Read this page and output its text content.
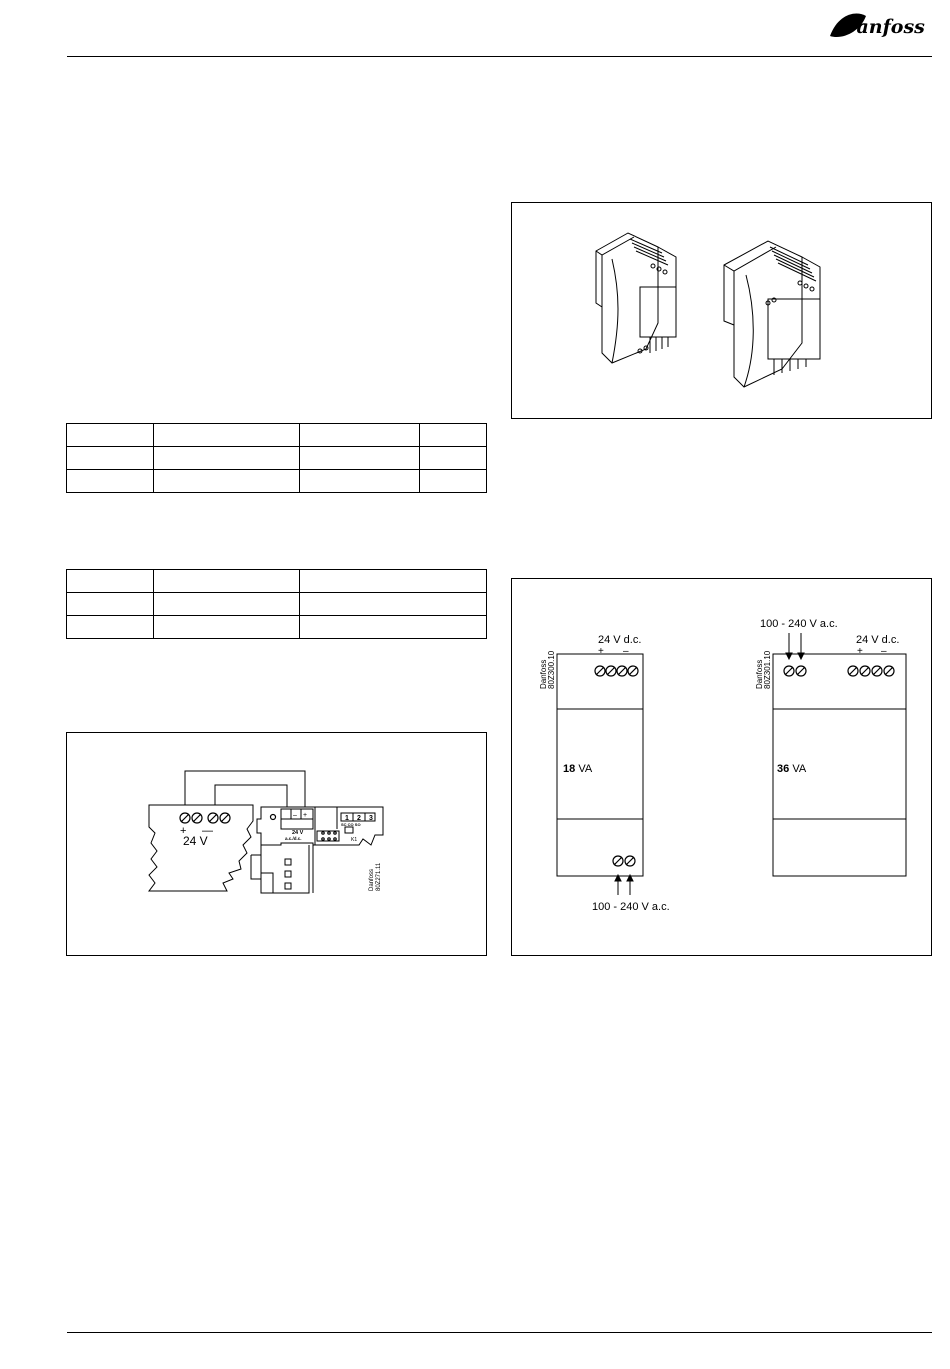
Danfoss

+ —
24 V
24 V
a.c./d.c.
– +	1 2 3
SC CO SO
K1
Danfoss 80Z271.11
24 V d.c.
+ –
Danfoss 80Z300.10
18 VA
100 - 240 V a.c.
100 - 240 V a.c.
24 V d.c.
+ –
Danfoss 80Z301.10
36 VA
